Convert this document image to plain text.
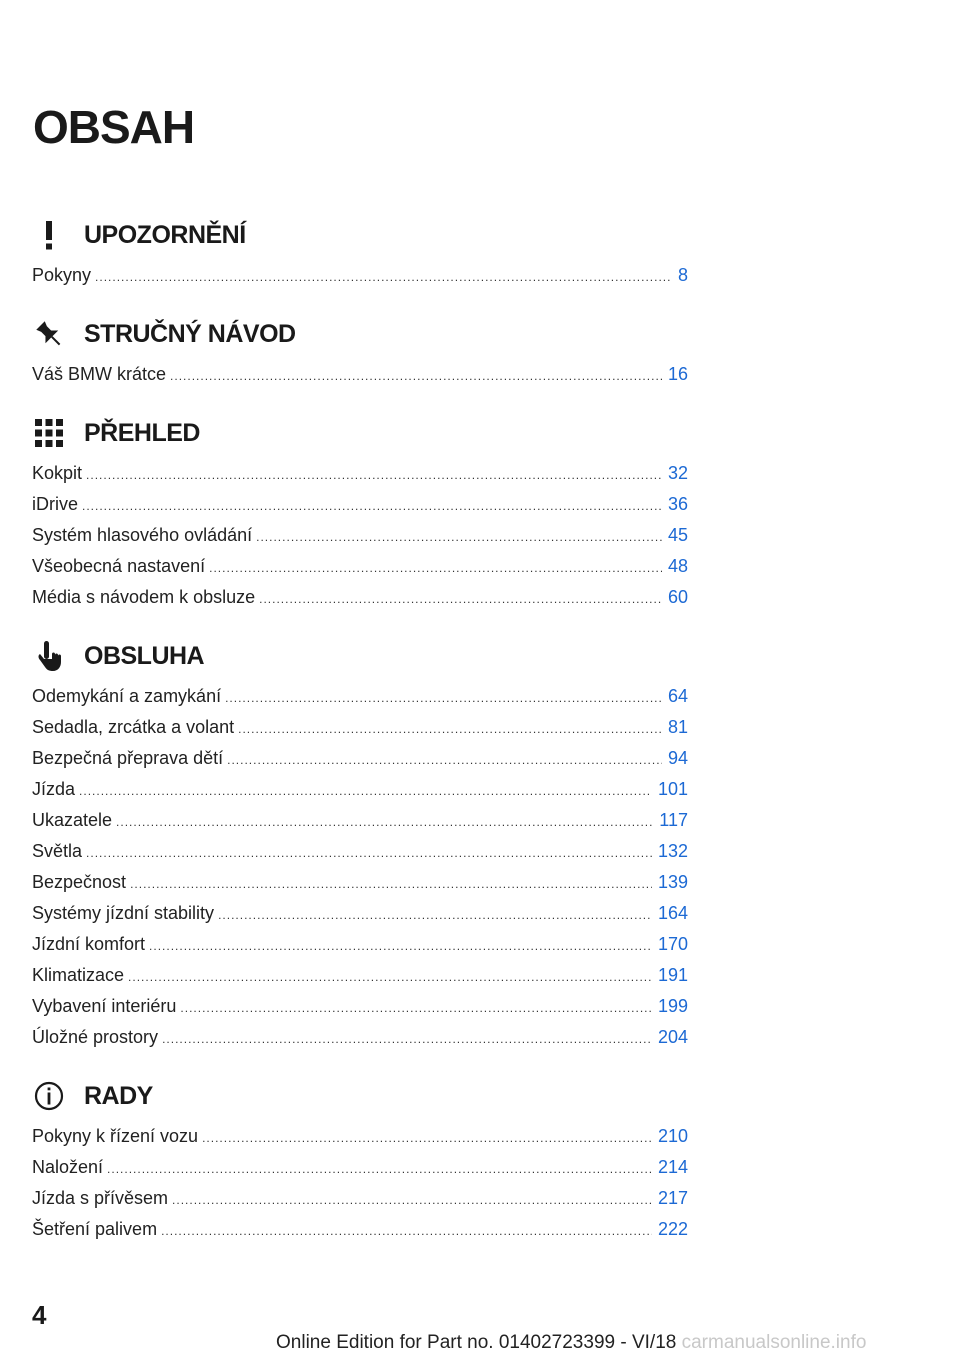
OBSAH
UPOZORNĚNÍ
Pokyny .....	8
STRUČNÝ NÁVOD
Váš BMW krátce .....	16
PŘEHLED
Kokpit .....	32
iDrive .....	36
Systém hlasového ovládání .....	45
Všeobecná nastavení .....	48
Média s návodem k obsluze .....	60
OBSLUHA
Odemykání a zamykání .....	64
Sedadla, zrcátka a volant .....	81
Bezpečná přeprava dětí .....	94
Jízda .....	101
Ukazatele .....	117
Světla .....	132
Bezpečnost .....	139
Systémy jízdní stability .....	164
Jízdní komfort .....	170
Klimatizace .....	191
Vybavení interiéru .....	199
Úložné prostory .....	204
RADY
Pokyny k řízení vozu .....	210
Naložení .....	214
Jízda s přívěsem .....	217
Šetření palivem .....	222
4
Online Edition for Part no. 01402723399 - VI/18 carmanualsonline.info
